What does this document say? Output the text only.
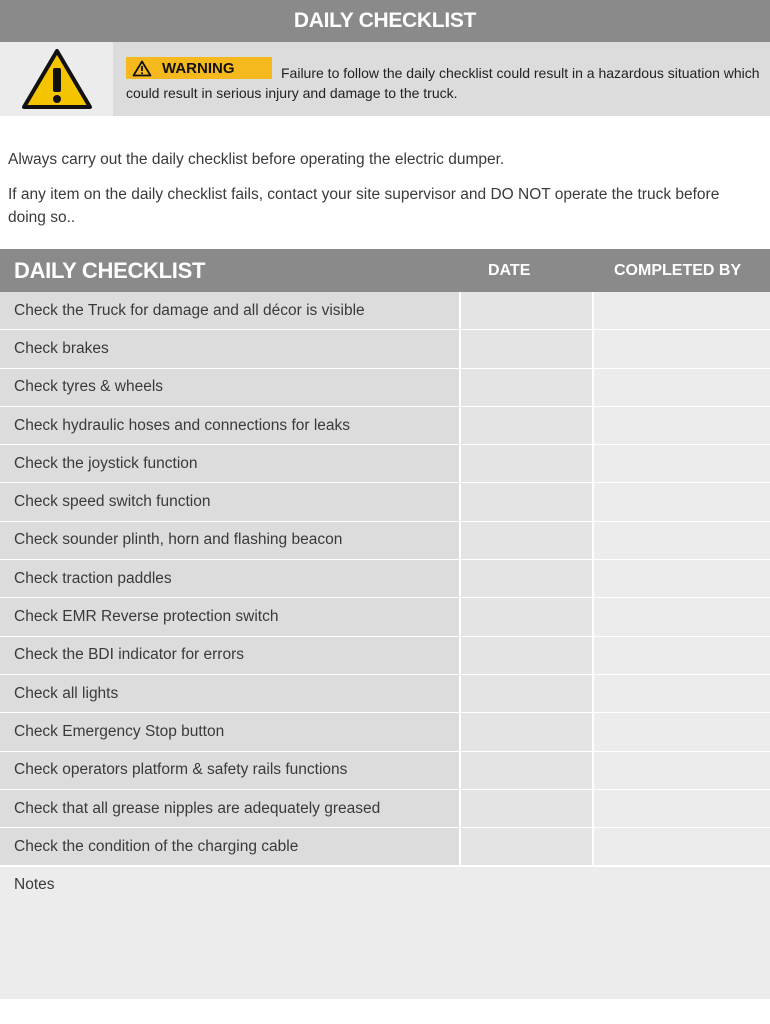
DAILY CHECKLIST
WARNING	Failure to follow the daily checklist could result in a hazardous situation which could result in serious injury and damage to the truck.

Always carry out the daily checklist before operating the electric dumper.

If any item on the daily checklist fails, contact your site supervisor and DO NOT operate the truck before doing so..

DAILY CHECKLIST	DATE	COMPLETED BY
Check the Truck for damage and all décor is visible
Check brakes
Check tyres & wheels
Check hydraulic hoses and connections for leaks
Check the joystick function
Check speed switch function
Check sounder plinth, horn and flashing beacon
Check traction paddles
Check EMR Reverse protection switch
Check the BDI indicator for errors
Check all lights
Check Emergency Stop button
Check operators platform & safety rails functions
Check that all grease nipples are adequately greased
Check the condition of the charging cable
Notes
